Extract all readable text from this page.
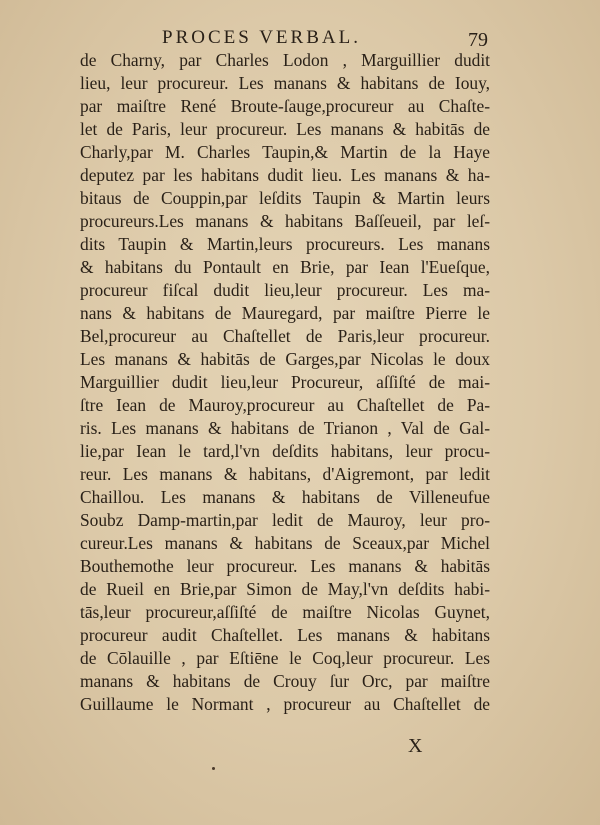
PROCES VERBAL.	79
de Charny, par Charles Lodon , Marguillier dudit
lieu, leur procureur. Les manans & habitans de Iouy,
par maiſtre René Broute-ſauge,procureur au Chaſte-
let de Paris, leur procureur. Les manans & habitās de
Charly,par M. Charles Taupin,& Martin de la Haye
deputez par les habitans dudit lieu. Les manans & ha-
bitaus de Couppin,par leſdits Taupin & Martin leurs
procureurs.Les manans & habitans Baſſeueil, par leſ-
dits Taupin & Martin,leurs procureurs. Les manans
& habitans du Pontault en Brie, par Iean l'Eueſque,
procureur fiſcal dudit lieu,leur procureur. Les ma-
nans & habitans de Mauregard, par maiſtre Pierre le
Bel,procureur au Chaſtellet de Paris,leur procureur.
Les manans & habitās de Garges,par Nicolas le doux
Marguillier dudit lieu,leur Procureur, aſſiſté de mai-
ſtre Iean de Mauroy,procureur au Chaſtellet de Pa-
ris. Les manans & habitans de Trianon , Val de Gal-
lie,par Iean le tard,l'vn deſdits habitans, leur procu-
reur. Les manans & habitans, d'Aigremont, par ledit
Chaillou. Les manans & habitans de Villeneufue
Soubz Damp-martin,par ledit de Mauroy, leur pro-
cureur.Les manans & habitans de Sceaux,par Michel
Bouthemothe leur procureur. Les manans & habitās
de Rueil en Brie,par Simon de May,l'vn deſdits habi-
tās,leur procureur,aſſiſté de maiſtre Nicolas Guynet,
procureur audit Chaſtellet. Les manans & habitans
de Cōlauille , par Eſtiēne le Coq,leur procureur. Les
manans & habitans de Crouy ſur Orc, par maiſtre
Guillaume le Normant , procureur au Chaſtellet de
X
